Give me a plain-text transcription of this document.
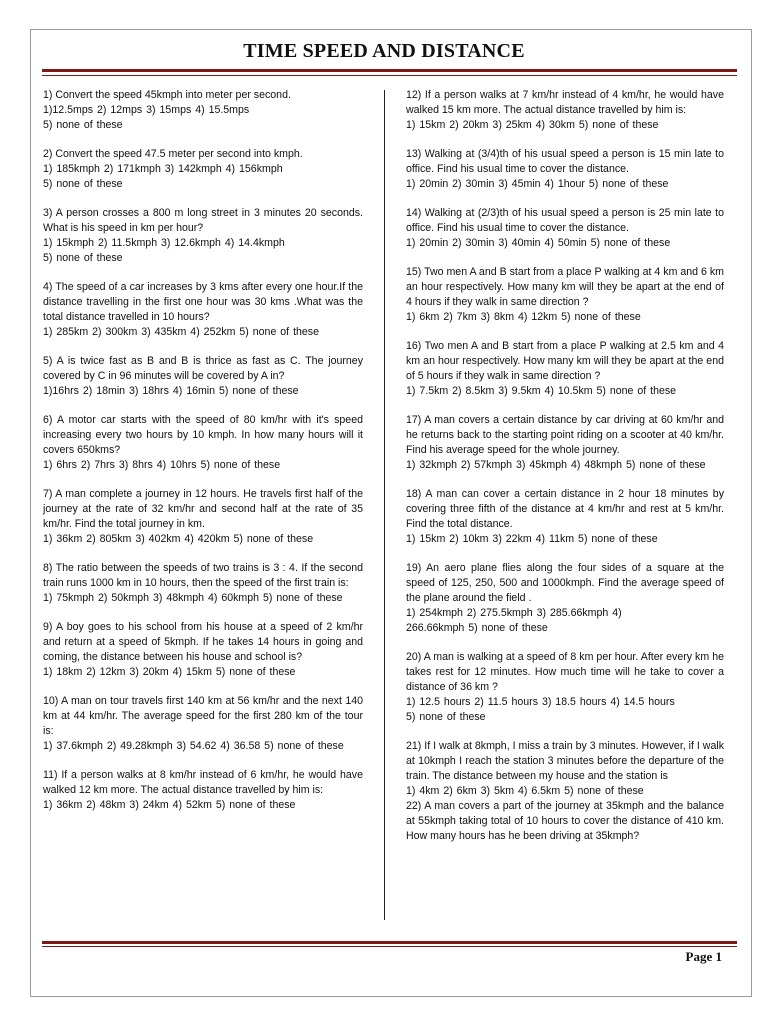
TIME SPEED AND DISTANCE
1) Convert the speed 45kmph into meter per second.
1)12.5mps 2) 12mps 3) 15mps 4) 15.5mps
5) none of these
2) Convert the speed 47.5 meter per second into kmph.
1) 185kmph 2) 171kmph 3) 142kmph 4) 156kmph
5) none of these
3) A person crosses a 800 m long street in 3 minutes 20 seconds. What is his speed in km per hour?
1) 15kmph 2) 11.5kmph 3) 12.6kmph 4) 14.4kmph
5) none of these
4) The speed of a car increases by 3 kms after every one hour.If the distance travelling in the first one hour was 30 kms .What was the total distance travelled in 10 hours?
1) 285km 2) 300km 3) 435km 4) 252km 5) none of these
5) A is twice fast as B and B is thrice as fast as C. The journey covered by C in 96 minutes will be covered by A in?
1)16hrs 2) 18min 3) 18hrs 4) 16min 5) none of these
6) A motor car starts with the speed of 80 km/hr with it's speed increasing every two hours by 10 kmph. In how many hours will it covers 650kms?
1) 6hrs 2) 7hrs 3) 8hrs 4) 10hrs 5) none of these
7) A man complete a journey in 12 hours. He travels first half of the journey at the rate of 32 km/hr and second half at the rate of 35 km/hr. Find the total journey in km.
1) 36km 2) 805km 3) 402km 4) 420km 5) none of these
8) The ratio between the speeds of two trains is 3 : 4. If the second train runs 1000 km in 10 hours, then the speed of the first train is:
1) 75kmph 2) 50kmph 3) 48kmph 4) 60kmph 5) none of these
9) A boy goes to his school from his house at a speed of 2 km/hr and return at a speed of 5kmph. If he takes 14 hours in going and coming, the distance between his house and school is?
1) 18km 2) 12km 3) 20km 4) 15km 5) none of these
10) A man on tour travels first 140 km at 56 km/hr and the next 140 km at 44 km/hr. The average speed for the first 280 km of the tour is:
1) 37.6kmph 2) 49.28kmph 3) 54.62 4) 36.58 5) none of these
11) If a person walks at 8 km/hr instead of 6 km/hr, he would have walked 12 km more. The actual distance travelled by him is:
1) 36km 2) 48km 3) 24km 4) 52km 5) none of these
12) If a person walks at 7 km/hr instead of 4 km/hr, he would have walked 15 km more. The actual distance travelled by him is:
1) 15km 2) 20km 3) 25km 4) 30km 5) none of these
13) Walking at (3/4)th of his usual speed a person is 15 min late to office. Find his usual time to cover the distance.
1) 20min 2) 30min 3) 45min 4) 1hour 5) none of these
14) Walking at (2/3)th of his usual speed a person is 25 min late to office. Find his usual time to cover the distance.
1) 20min 2) 30min 3) 40min 4) 50min 5) none of these
15) Two men A and B start from a place P walking at 4 km and 6 km an hour respectively. How many km will they be apart at the end of 4 hours if they walk in same direction ?
1) 6km 2) 7km 3) 8km 4) 12km 5) none of these
16) Two men A and B start from a place P walking at 2.5 km and 4 km an hour respectively. How many km will they be apart at the end of 5 hours if they walk in same direction ?
1) 7.5km 2) 8.5km 3) 9.5km 4) 10.5km 5) none of these
17) A man covers a certain distance by car driving at 60 km/hr and he returns back to the starting point riding on a scooter at 40 km/hr. Find his average speed for the whole journey.
1) 32kmph 2) 57kmph 3) 45kmph 4) 48kmph 5) none of these
18) A man can cover a certain distance in 2 hour 18 minutes by covering three fifth of the distance at 4 km/hr and rest at 5 km/hr. Find the total distance.
1) 15km 2) 10km 3) 22km 4) 11km 5) none of these
19) An aero plane flies along the four sides of a square at the speed of 125, 250, 500 and 1000kmph. Find the average speed of the plane around the field .
1) 254kmph 2) 275.5kmph 3) 285.66kmph 4)
266.66kmph 5) none of these
20) A man is walking at a speed of 8 km per hour. After every km he takes rest for 12 minutes. How much time will he take to cover a distance of 36 km ?
1) 12.5 hours 2) 11.5 hours 3) 18.5 hours 4) 14.5 hours
5) none of these
21) If I walk at 8kmph, I miss a train by 3 minutes. However, if I walk at 10kmph I reach the station 3 minutes before the departure of the train. The distance between my house and the station is
1) 4km 2) 6km 3) 5km 4) 6.5km 5) none of these
22) A man covers a part of the journey at 35kmph and the balance at 55kmph taking total of 10 hours to cover the distance of 410 km. How many hours has he been driving at 35kmph?
Page 1
